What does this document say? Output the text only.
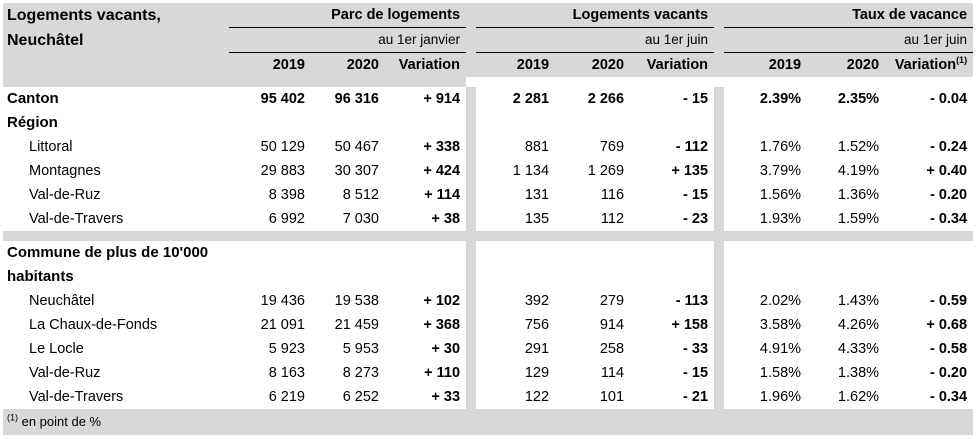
Logements vacants,	Parc de logements				Logements vacants				Taux de vacance		
Neuchâtel	au 1er janvier				au 1er juin				au 1er juin		
	2019	2020	Variation		2019	2020	Variation		2019	2020	Variation$^{(1)}$

Canton	95 402	96 316	+ 914		2 281	2 266	- 15		2.39%	2.35%	- 0.04
Région											
Littoral	50 129	50 467	+ 338		881	769	- 112		1.76%	1.52%	- 0.24
Montagnes	29 883	30 307	+ 424		1 134	1 269	+ 135		3.79%	4.19%	+ 0.40
Val-de-Ruz	8 398	8 512	+ 114		131	116	- 15		1.56%	1.36%	- 0.20
Val-de-Travers	6 992	7 030	+ 38		135	112	- 23		1.93%	1.59%	- 0.34

Commune de plus de 10'000											
habitants											
Neuchâtel	19 436	19 538	+ 102		392	279	- 113		2.02%	1.43%	- 0.59
La Chaux-de-Fonds	21 091	21 459	+ 368		756	914	+ 158		3.58%	4.26%	+ 0.68
Le Locle	5 923	5 953	+ 30		291	258	- 33		4.91%	4.33%	- 0.58
Val-de-Ruz	8 163	8 273	+ 110		129	114	- 15		1.58%	1.38%	- 0.20
Val-de-Travers	6 219	6 252	+ 33		122	101	- 21		1.96%	1.62%	- 0.34
$^{(1)}$ en point de %											
